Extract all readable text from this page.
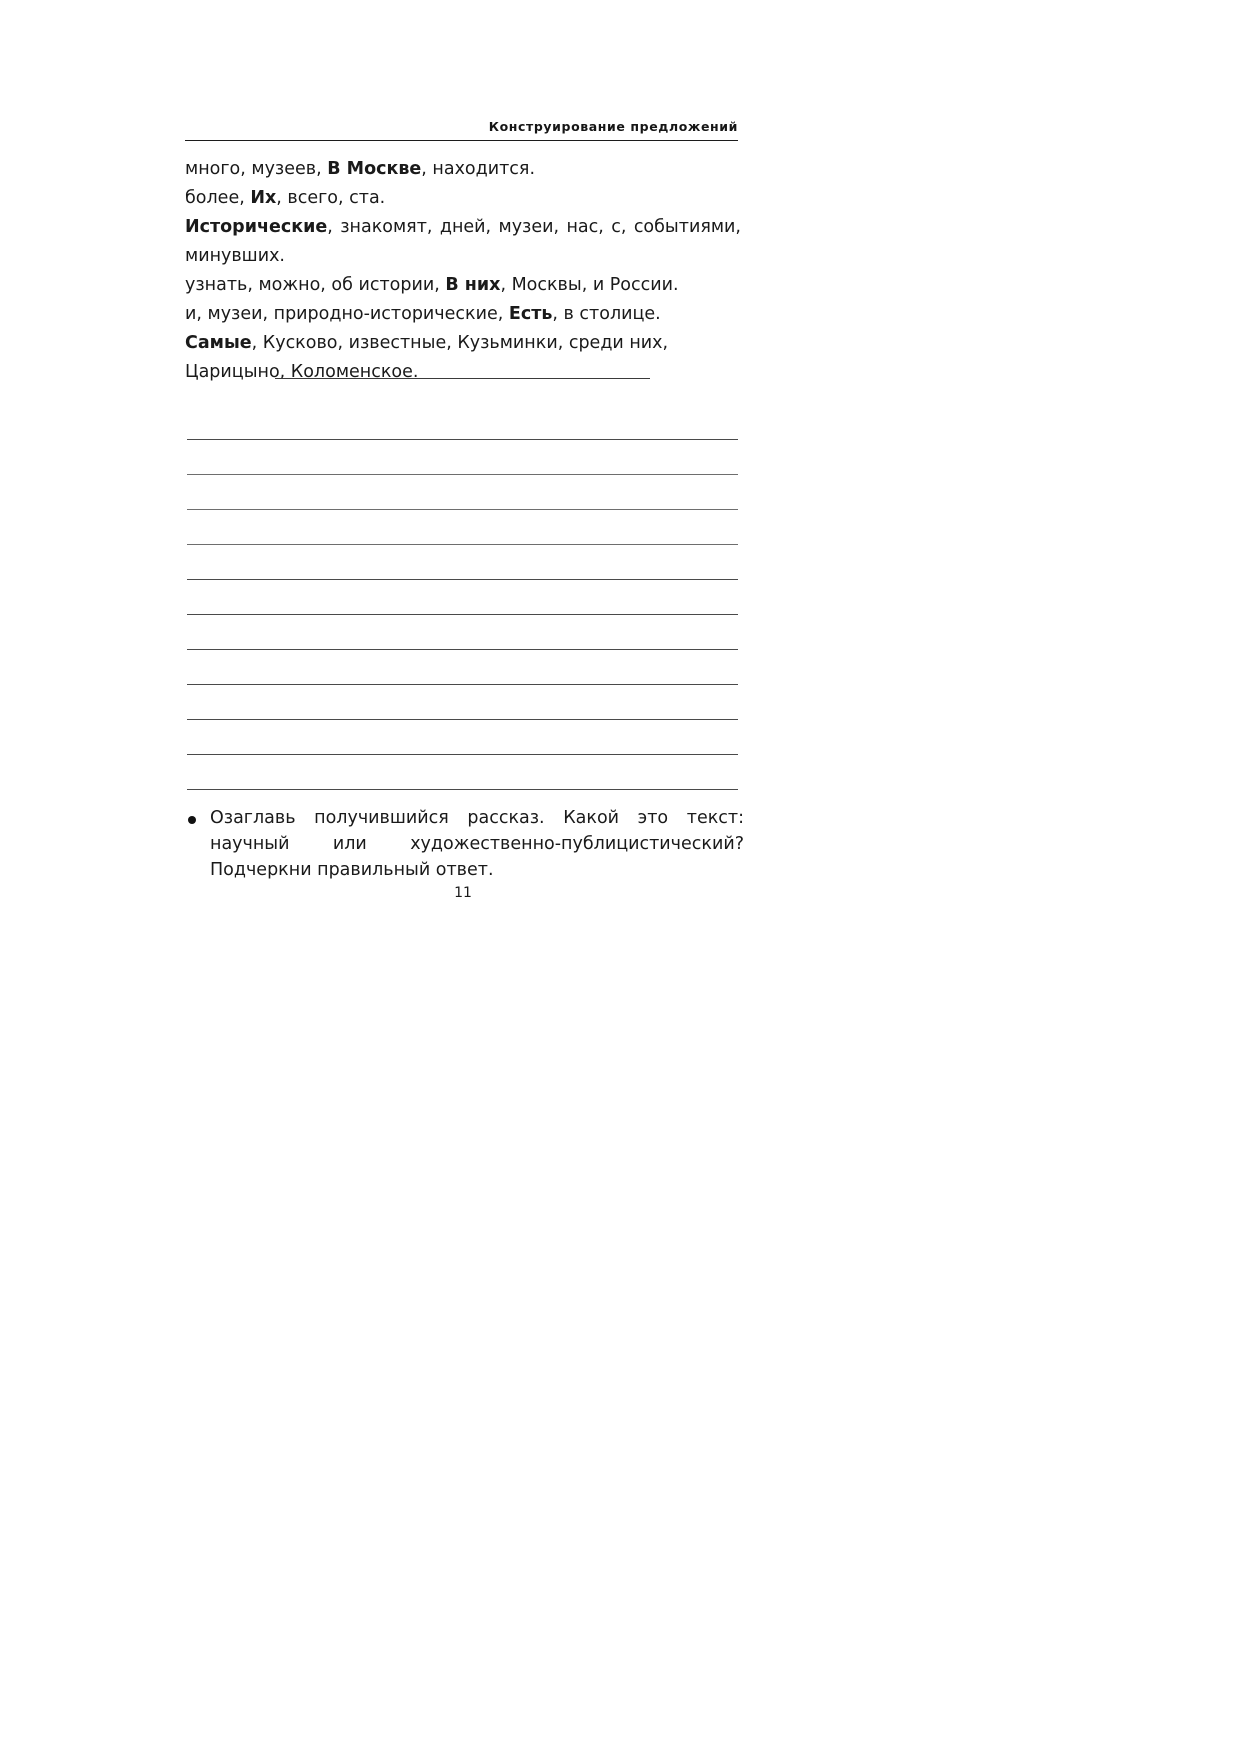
Конструирование предложений

много, музеев, В Москве, находится.

более, Их, всего, ста.

Исторические, знакомят, дней, музеи, нас, с, событиями, минувших.

узнать, можно, об истории, В них, Москвы, и России.

и, музеи, природно-исторические, Есть, в столице.

Самые, Кусково, известные, Кузьминки, среди них, Царицыно, Коломенское.

Озаглавь получившийся рассказ. Какой это текст: научный или художественно-публицистический? Подчеркни правильный ответ.
11
